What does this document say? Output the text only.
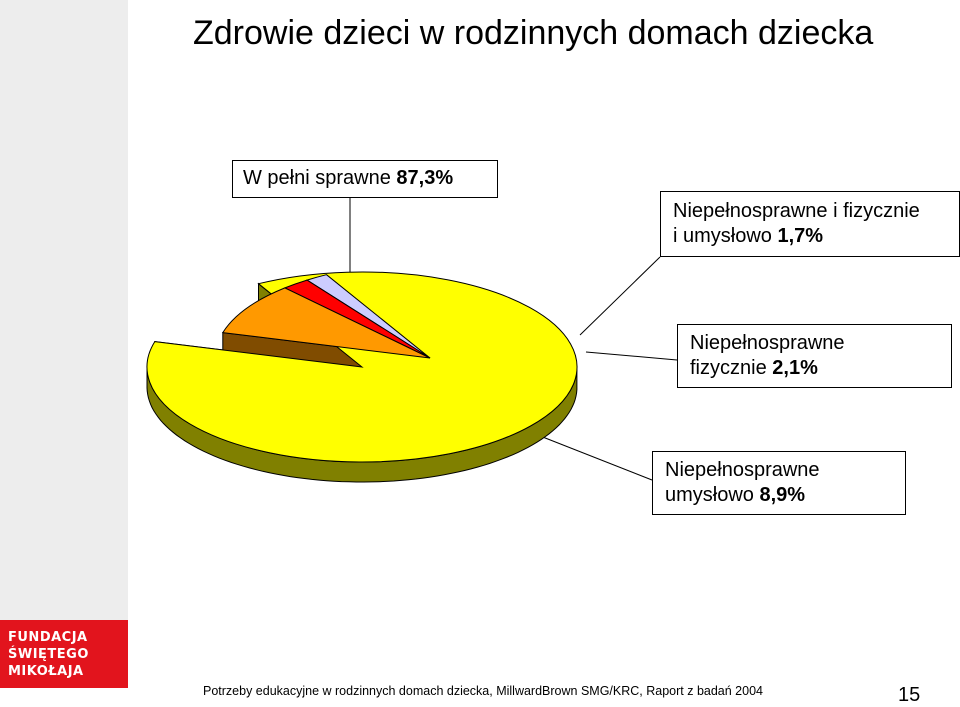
FUNDACJA
ŚWIĘTEGO
MIKOŁAJA
Zdrowie dzieci w rodzinnych domach dziecka
W pełni sprawne 87,3%
Niepełnosprawne i fizycznie
i umysłowo 1,7%
Niepełnosprawne
fizycznie 2,1%
Niepełnosprawne
umysłowo 8,9%
Potrzeby edukacyjne w rodzinnych domach dziecka, MillwardBrown SMG/KRC, Raport z badań 2004	15
